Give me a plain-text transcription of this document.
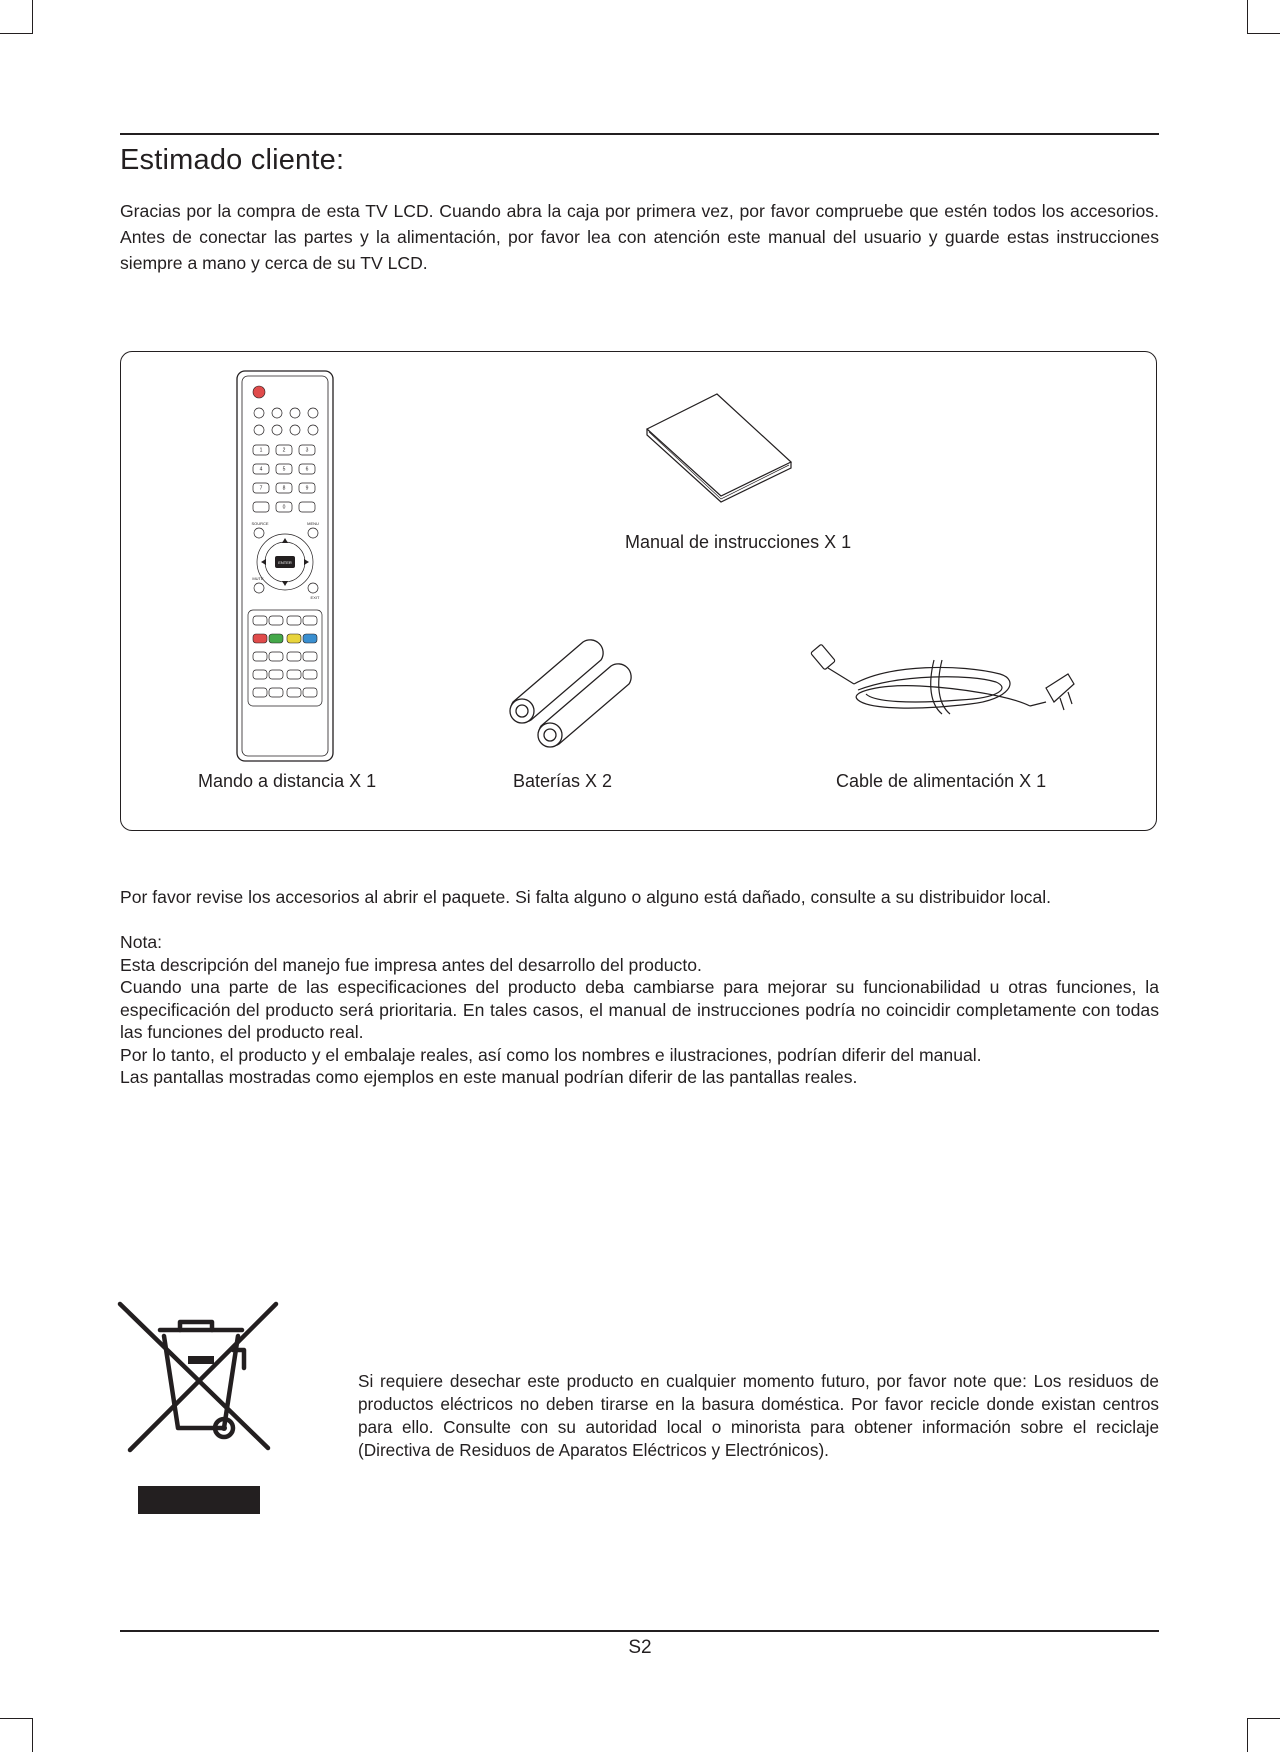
Estimado cliente:

Gracias por la compra de esta TV LCD. Cuando abra la caja por primera vez, por favor compruebe que estén todos los accesorios. Antes de conectar las partes y la alimentación, por favor lea con atención este manual del usuario y guarde estas instrucciones siempre a mano y cerca de su TV LCD.

1	2	3
4	5	6
7	8	9
0
SOURCE	MENU
ENTER
MUTE
EXIT
Manual de instrucciones X 1
Baterías X 2
Mando a distancia X 1	Cable de alimentación X 1

Por favor revise los accesorios al abrir el paquete. Si falta alguno o alguno está dañado, consulte a su distribuidor local.

Nota:
Esta descripción del manejo fue impresa antes del desarrollo del producto.
Cuando una parte de las especificaciones del producto deba cambiarse para mejorar su funcionabilidad u otras funciones, la especificación del producto será prioritaria. En tales casos, el manual de instrucciones podría no coincidir completamente con todas las funciones del producto real.
Por lo tanto, el producto y el embalaje reales, así como los nombres e ilustraciones, podrían diferir del manual.
Las pantallas mostradas como ejemplos en este manual podrían diferir de las pantallas reales.

Si requiere desechar este producto en cualquier momento futuro, por favor note que: Los residuos de productos eléctricos no deben tirarse en la basura doméstica. Por favor recicle donde existan centros para ello. Consulte con su autoridad local o minorista para obtener información sobre el reciclaje (Directiva de Residuos de Aparatos Eléctricos y Electrónicos).

S2
